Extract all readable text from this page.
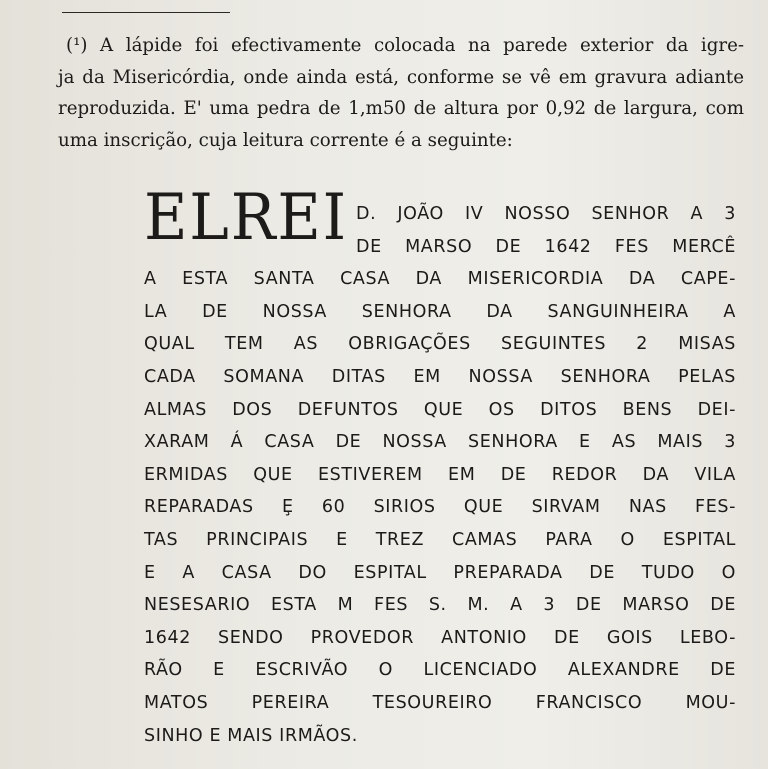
(¹) A lápide foi efectivamente colocada na parede exterior da igre-
ja da Misericórdia, onde ainda está, conforme se vê em gravura adiante
reproduzida. E' uma pedra de 1,m50 de altura por 0,92 de largura, com
uma inscrição, cuja leitura corrente é a seguinte:
ELREI D. JOÃO IV NOSSO SENHOR A 3
DE MARSO DE 1642 FES MERCÊ
A ESTA SANTA CASA DA MISERICORDIA DA CAPE-
LA DE NOSSA SENHORA DA SANGUINHEIRA A
QUAL TEM AS OBRIGAÇÕES SEGUINTES 2 MISAS
CADA SOMANA DITAS EM NOSSA SENHORA PELAS
ALMAS DOS DEFUNTOS QUE OS DITOS BENS DEI-
XARAM Á CASA DE NOSSA SENHORA E AS MAIS 3
ERMIDAS QUE ESTIVEREM EM DE REDOR DA VILA
REPARADAS Ȩ 60 SIRIOS QUE SIRVAM NAS FES-
TAS PRINCIPAIS E TREZ CAMAS PARA O ESPITAL
E A CASA DO ESPITAL PREPARADA DE TUDO O
NESESARIO ESTA M FES S. M. A 3 DE MARSO DE
1642 SENDO PROVEDOR ANTONIO DE GOIS LEBO-
RÃO E ESCRIVÃO O LICENCIADO ALEXANDRE DE
MATOS PEREIRA TESOUREIRO FRANCISCO MOU-
SINHO E MAIS IRMÃOS.
